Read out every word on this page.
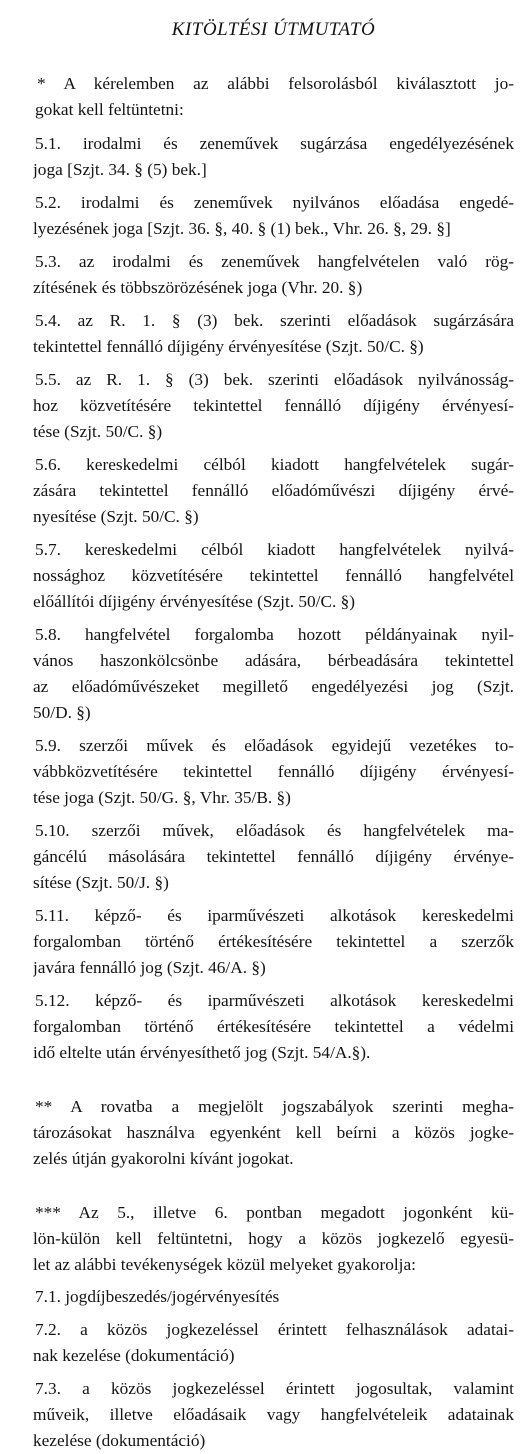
KITÖLTÉSI ÚTMUTATÓ
* A kérelemben az alábbi felsorolásból kiválasztott jo-
gokat kell feltüntetni:
5.1. irodalmi és zeneművek sugárzása engedélyezésének
joga [Szjt. 34. § (5) bek.]
5.2. irodalmi és zeneművek nyilvános előadása engedé-
lyezésének joga [Szjt. 36. §, 40. § (1) bek., Vhr. 26. §, 29. §]
5.3. az irodalmi és zeneművek hangfelvételen való rög-
zítésének és többszörözésének joga (Vhr. 20. §)
5.4. az R. 1. § (3) bek. szerinti előadások sugárzására
tekintettel fennálló díjigény érvényesítése (Szjt. 50/C. §)
5.5. az R. 1. § (3) bek. szerinti előadások nyilvánosság-
hoz közvetítésére tekintettel fennálló díjigény érvényesí-
tése (Szjt. 50/C. §)
5.6. kereskedelmi célból kiadott hangfelvételek sugár-
zására tekintettel fennálló előadóművészi díjigény érvé-
nyesítése (Szjt. 50/C. §)
5.7. kereskedelmi célból kiadott hangfelvételek nyilvá-
nossághoz közvetítésére tekintettel fennálló hangfelvétel
előállítói díjigény érvényesítése (Szjt. 50/C. §)
5.8. hangfelvétel forgalomba hozott példányainak nyil-
vános haszonkölcsönbe adására, bérbeadására tekintettel
az előadóművészeket megillető engedélyezési jog (Szjt.
50/D. §)
5.9. szerzői művek és előadások egyidejű vezetékes to-
vábbközvetítésére tekintettel fennálló díjigény érvényesí-
tése joga (Szjt. 50/G. §, Vhr. 35/B. §)
5.10. szerzői művek, előadások és hangfelvételek ma-
gáncélú másolására tekintettel fennálló díjigény érvénye-
sítése (Szjt. 50/J. §)
5.11. képző- és iparművészeti alkotások kereskedelmi
forgalomban történő értékesítésére tekintettel a szerzők
javára fennálló jog (Szjt. 46/A. §)
5.12. képző- és iparművészeti alkotások kereskedelmi
forgalomban történő értékesítésére tekintettel a védelmi
idő eltelte után érvényesíthető jog (Szjt. 54/A.§).
** A rovatba a megjelölt jogszabályok szerinti megha-
tározásokat használva egyenként kell beírni a közös jogke-
zelés útján gyakorolni kívánt jogokat.
*** Az 5., illetve 6. pontban megadott jogonként kü-
lön-külön kell feltüntetni, hogy a közös jogkezelő egyesü-
let az alábbi tevékenységek közül melyeket gyakorolja:
7.1. jogdíjbeszedés/jogérvényesítés
7.2. a közös jogkezeléssel érintett felhasználások adatai-
nak kezelése (dokumentáció)
7.3. a közös jogkezeléssel érintett jogosultak, valamint
műveik, illetve előadásaik vagy hangfelvételeik adatainak
kezelése (dokumentáció)
